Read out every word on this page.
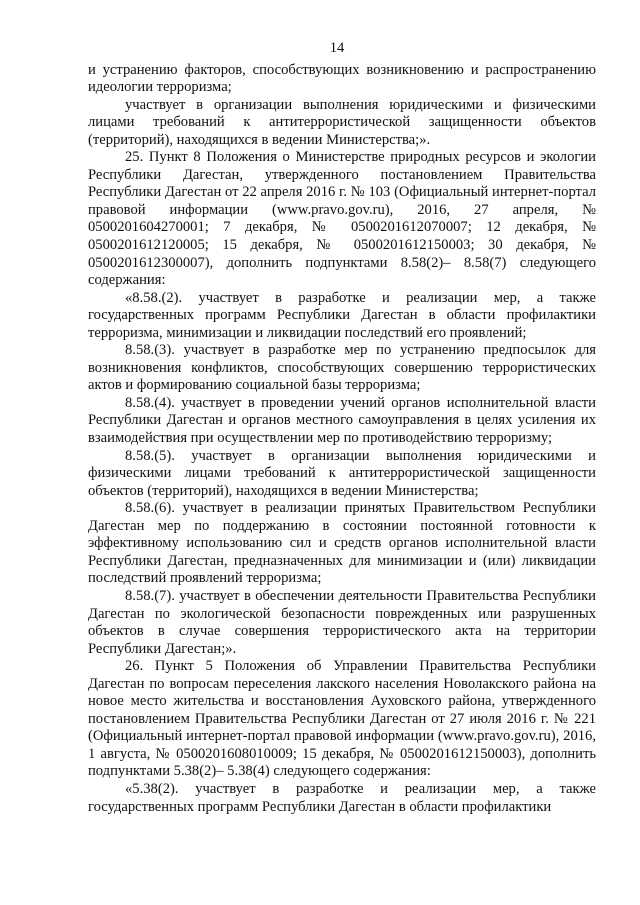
14

и устранению факторов, способствующих возникновению и распространению идеологии терроризма;

участвует в организации выполнения юридическими и физическими лицами требований к антитеррористической защищенности объектов (территорий), находящихся в ведении Министерства;».

25. Пункт 8 Положения о Министерстве природных ресурсов и экологии Республики Дагестан, утвержденного постановлением Правительства Республики Дагестан от 22 апреля 2016 г. № 103 (Официальный интернет-портал правовой информации (www.pravo.gov.ru), 2016, 27 апреля, № 0500201604270001; 7 декабря, № 0500201612070007; 12 декабря, № 0500201612120005; 15 декабря, № 0500201612150003; 30 декабря, № 0500201612300007), дополнить подпунктами 8.58(2)– 8.58(7) следующего содержания:

«8.58.(2). участвует в разработке и реализации мер, а также государственных программ Республики Дагестан в области профилактики терроризма, минимизации и ликвидации последствий его проявлений;

8.58.(3). участвует в разработке мер по устранению предпосылок для возникновения конфликтов, способствующих совершению террористических актов и формированию социальной базы терроризма;

8.58.(4). участвует в проведении учений органов исполнительной власти Республики Дагестан и органов местного самоуправления в целях усиления их взаимодействия при осуществлении мер по противодействию терроризму;

8.58.(5). участвует в организации выполнения юридическими и физическими лицами требований к антитеррористической защищенности объектов (территорий), находящихся в ведении Министерства;

8.58.(6). участвует в реализации принятых Правительством Республики Дагестан мер по поддержанию в состоянии постоянной готовности к эффективному использованию сил и средств органов исполнительной власти Республики Дагестан, предназначенных для минимизации и (или) ликвидации последствий проявлений терроризма;

8.58.(7). участвует в обеспечении деятельности Правительства Республики Дагестан по экологической безопасности поврежденных или разрушенных объектов в случае совершения террористического акта на территории Республики Дагестан;».

26. Пункт 5 Положения об Управлении Правительства Республики Дагестан по вопросам переселения лакского населения Новолакского района на новое место жительства и восстановления Ауховского района, утвержденного постановлением Правительства Республики Дагестан от 27 июля 2016 г. № 221 (Официальный интернет-портал правовой информации (www.pravo.gov.ru), 2016, 1 августа, № 0500201608010009; 15 декабря, № 0500201612150003), дополнить подпунктами 5.38(2)– 5.38(4) следующего содержания:

«5.38(2). участвует в разработке и реализации мер, а также государственных программ Республики Дагестан в области профилактики
